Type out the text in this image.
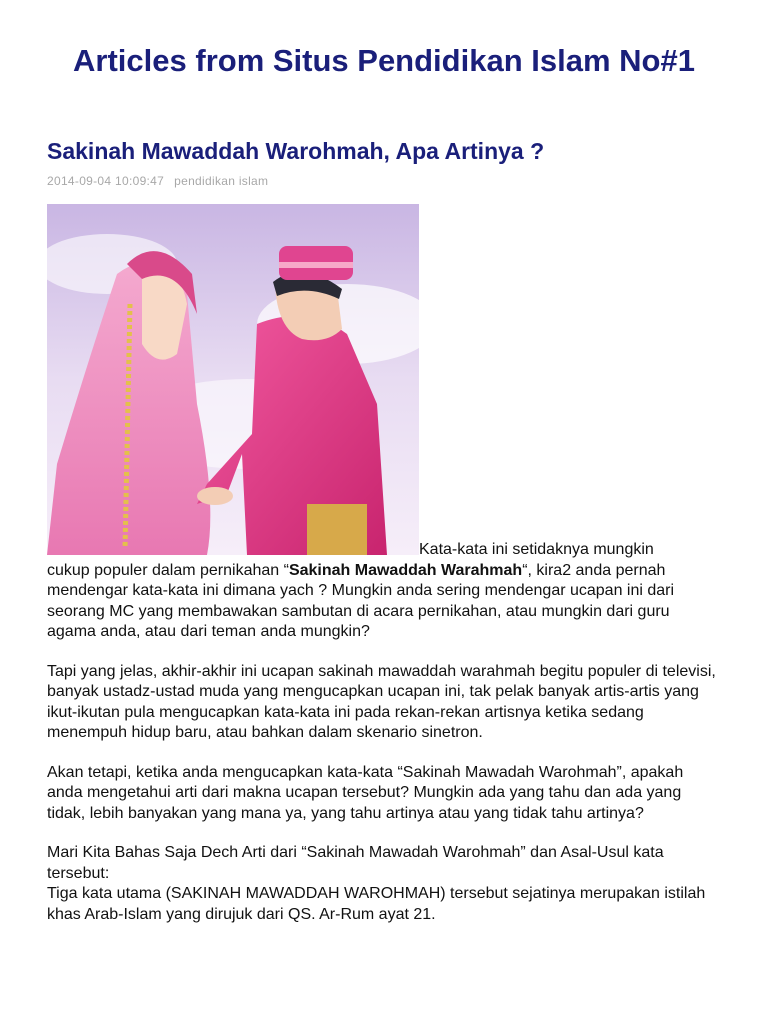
Articles from Situs Pendidikan Islam No#1
Sakinah Mawaddah Warohmah, Apa Artinya ?
2014-09-04 10:09:47 pendidikan islam

Kata-kata ini setidaknya mungkin
cukup populer dalam pernikahan “Sakinah Mawaddah Warahmah“, kira2 anda pernah mendengar kata-kata ini dimana yach ? Mungkin anda sering mendengar ucapan ini dari seorang MC yang membawakan sambutan di acara pernikahan, atau mungkin dari guru agama anda, atau dari teman anda mungkin?

Tapi yang jelas, akhir-akhir ini ucapan sakinah mawaddah warahmah begitu populer di televisi, banyak ustadz-ustad muda yang mengucapkan ucapan ini, tak pelak banyak artis-artis yang ikut-ikutan pula mengucapkan kata-kata ini pada rekan-rekan artisnya ketika sedang menempuh hidup baru, atau bahkan dalam skenario sinetron.

Akan tetapi, ketika anda mengucapkan kata-kata “Sakinah Mawadah Warohmah”, apakah anda mengetahui arti dari makna ucapan tersebut? Mungkin ada yang tahu dan ada yang tidak, lebih banyakan yang mana ya, yang tahu artinya atau yang tidak tahu artinya?

Mari Kita Bahas Saja Dech Arti dari “Sakinah Mawadah Warohmah” dan Asal-Usul kata tersebut:
Tiga kata utama (SAKINAH MAWADDAH WAROHMAH) tersebut sejatinya merupakan istilah khas Arab-Islam yang dirujuk dari QS. Ar-Rum ayat 21.
